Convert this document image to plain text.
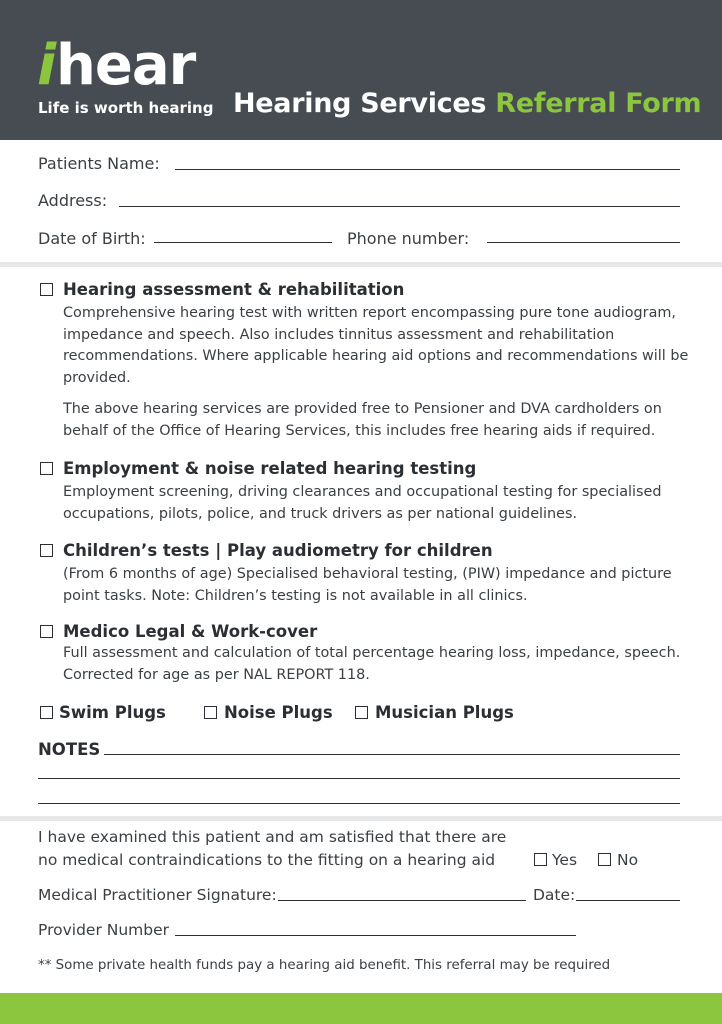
i hear
Life is worth hearing Hearing Services Referral Form
Patients Name:
Address:
Date of Birth:	Phone number:
Hearing assessment & rehabilitation
Comprehensive hearing test with written report encompassing pure tone audiogram, impedance and speech. Also includes tinnitus assessment and rehabilitation recommendations. Where applicable hearing aid options and recommendations will be provided.
The above hearing services are provided free to Pensioner and DVA cardholders on behalf of the Office of Hearing Services, this includes free hearing aids if required.
Employment & noise related hearing testing
Employment screening, driving clearances and occupational testing for specialised occupations, pilots, police, and truck drivers as per national guidelines.
Children’s tests | Play audiometry for children
(From 6 months of age) Specialised behavioral testing, (PIW) impedance and picture point tasks. Note: Children’s testing is not available in all clinics.
Medico Legal & Work-cover
Full assessment and calculation of total percentage hearing loss, impedance, speech. Corrected for age as per NAL REPORT 118.
Swim Plugs	Noise Plugs	Musician Plugs
NOTES
I have examined this patient and am satisfied that there are
no medical contraindications to the fitting on a hearing aid	Yes	No
Medical Practitioner Signature:	Date:
Provider Number
** Some private health funds pay a hearing aid benefit. This referral may be required
